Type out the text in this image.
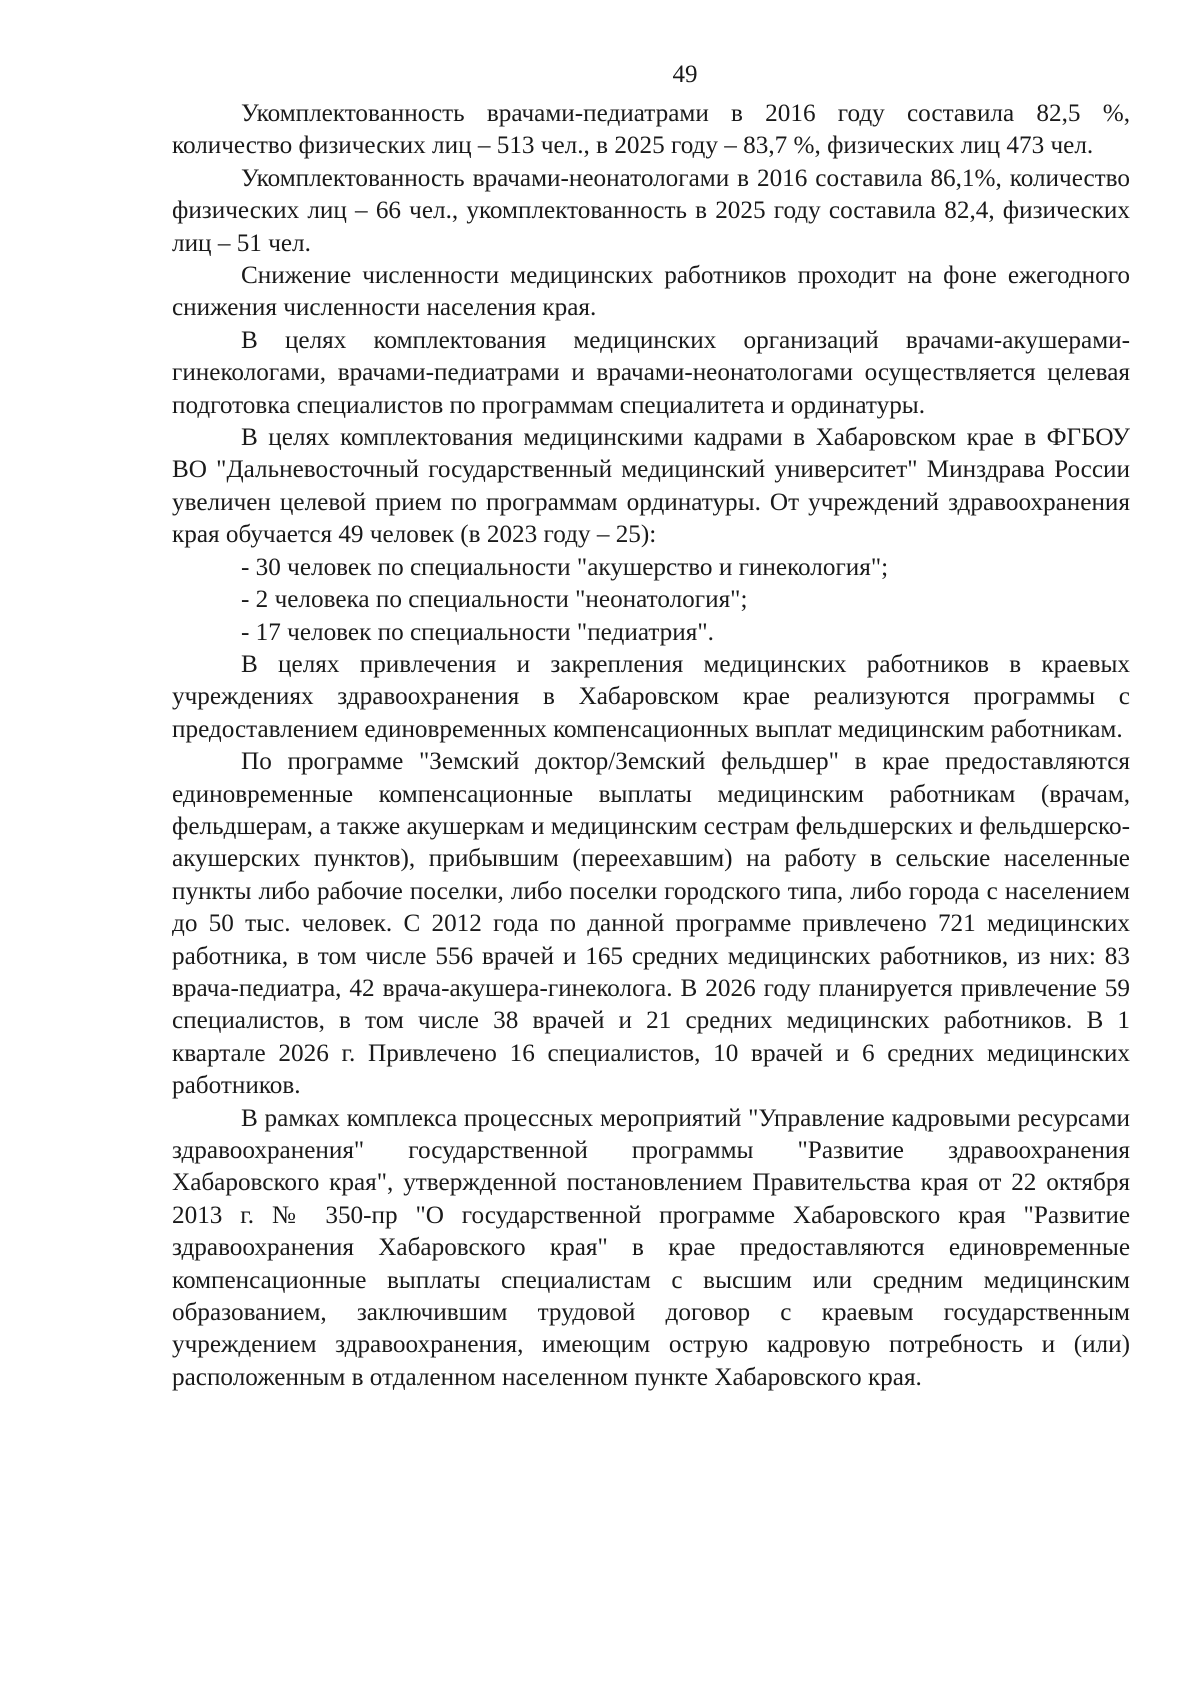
49

Укомплектованность врачами-педиатрами в 2016 году составила 82,5 %, количество физических лиц – 513 чел., в 2025 году – 83,7 %, физических лиц 473 чел.

Укомплектованность врачами-неонатологами в 2016 составила 86,1%, количество физических лиц – 66 чел., укомплектованность в 2025 году составила 82,4, физических лиц – 51 чел.

Снижение численности медицинских работников проходит на фоне ежегодного снижения численности населения края.

В целях комплектования медицинских организаций врачами-акушерами-гинекологами, врачами-педиатрами и врачами-неонатологами осуществляется целевая подготовка специалистов по программам специалитета и ординатуры.

В целях комплектования медицинскими кадрами в Хабаровском крае в ФГБОУ ВО "Дальневосточный государственный медицинский университет" Минздрава России увеличен целевой прием по программам ординатуры. От учреждений здравоохранения края обучается 49 человек (в 2023 году – 25):

- 30 человек по специальности "акушерство и гинекология";

- 2 человека по специальности "неонатология";

- 17 человек по специальности "педиатрия".

В целях привлечения и закрепления медицинских работников в краевых учреждениях здравоохранения в Хабаровском крае реализуются программы с предоставлением единовременных компенсационных выплат медицинским работникам.

По программе "Земский доктор/Земский фельдшер" в крае предоставляются единовременные компенсационные выплаты медицинским работникам (врачам, фельдшерам, а также акушеркам и медицинским сестрам фельдшерских и фельдшерско-акушерских пунктов), прибывшим (переехавшим) на работу в сельские населенные пункты либо рабочие поселки, либо поселки городского типа, либо города с населением до 50 тыс. человек. С 2012 года по данной программе привлечено 721 медицинских работника, в том числе 556 врачей и 165 средних медицинских работников, из них: 83 врача-педиатра, 42 врача-акушера-гинеколога. В 2026 году планируется привлечение 59 специалистов, в том числе 38 врачей и 21 средних медицинских работников. В 1 квартале 2026 г. Привлечено 16 специалистов, 10 врачей и 6 средних медицинских работников.

В рамках комплекса процессных мероприятий "Управление кадровыми ресурсами здравоохранения" государственной программы "Развитие здравоохранения Хабаровского края", утвержденной постановлением Правительства края от 22 октября 2013 г. № 350-пр "О государственной программе Хабаровского края "Развитие здравоохранения Хабаровского края" в крае предоставляются единовременные компенсационные выплаты специалистам с высшим или средним медицинским образованием, заключившим трудовой договор с краевым государственным учреждением здравоохранения, имеющим острую кадровую потребность и (или) расположенным в отдаленном населенном пункте Хабаровского края.
